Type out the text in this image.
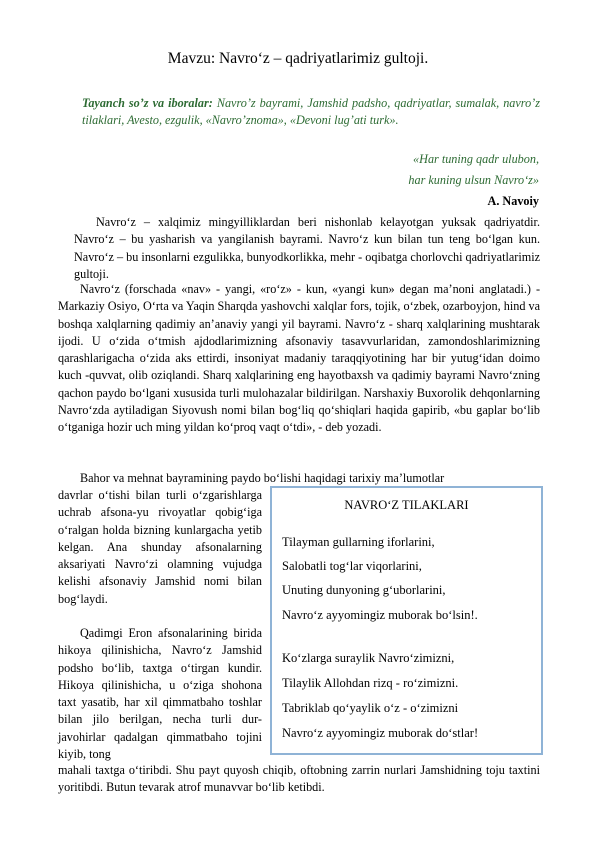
Mavzu: Navro‘z – qadriyatlarimiz gultoji.
Tayanch so’z va iboralar: Navro’z bayrami, Jamshid padsho, qadriyatlar, sumalak, navro’z tilaklari, Avesto, ezgulik, «Navro’znoma», «Devoni lug’ati turk».
«Har tuning qadr ulubon,
har kuning ulsun Navro‘z»
A. Navoiy

Navro‘z – xalqimiz mingyilliklardan beri nishonlab kelayotgan yuksak qadriyatdir. Navro‘z – bu yasharish va yangilanish bayrami. Navro‘z kun bilan tun teng bo‘lgan kun. Navro‘z – bu insonlarni ezgulikka, bunyodkorlikka, mehr - oqibatga chorlovchi qadriyatlarimiz gultoji.

Navro‘z (forschada «nav» - yangi, «ro‘z» - kun, «yangi kun» degan ma’noni anglatadi.) - Markaziy Osiyo, O‘rta va Yaqin Sharqda yashovchi xalqlar fors, tojik, o‘zbek, ozarboyjon, hind va boshqa xalqlarning qadimiy an’anaviy yangi yil bayrami. Navro‘z - sharq xalqlarining mushtarak ijodi. U o‘zida o‘tmish ajdodlarimizning afsonaviy tasavvurlaridan, zamondoshlarimizning qarashlarigacha o‘zida aks ettirdi, insoniyat madaniy taraqqiyotining har bir yutug‘idan doimo kuch -quvvat, olib oziqlandi. Sharq xalqlarining eng hayotbaxsh va qadimiy bayrami Navro‘zning qachon paydo bo‘lgani xususida turli mulohazalar bildirilgan. Narshaxiy Buxorolik dehqonlarning Navro‘zda aytiladigan Siyovush nomi bilan bog‘liq qo‘shiqlari haqida gapirib, «bu gaplar bo‘lib o‘tganiga hozir uch ming yildan ko‘proq vaqt o‘tdi», - deb yozadi.

Bahor va mehnat bayramining paydo bo‘lishi haqidagi tarixiy ma’lumotlar

davrlar o‘tishi bilan turli o‘zgarishlarga uchrab afsona-yu rivoyatlar qobig‘iga o‘ralgan holda bizning kunlargacha yetib kelgan. Ana shunday afsonalarning aksariyati Navro‘zi olamning vujudga kelishi afsonaviy Jamshid nomi bilan bog‘laydi.

Qadimgi Eron afsonalarining birida hikoya qilinishicha, Navro‘z Jamshid podsho bo‘lib, taxtga o‘tirgan kundir. Hikoya qilinishicha, u o‘ziga shohona taxt yasatib, har xil qimmatbaho toshlar bilan jilo berilgan, necha turli dur-javohirlar qadalgan qimmatbaho tojini kiyib, tong

NAVRO‘Z TILAKLARI
Tilayman gullarning iforlarini,
Salobatli tog‘lar viqorlarini,
Unuting dunyoning g‘uborlarini,
Navro‘z ayyomingiz muborak bo‘lsin!.
Ko‘zlarga suraylik Navro‘zimizni,
Tilaylik Allohdan rizq - ro‘zimizni.
Tabriklab qo‘yaylik o‘z - o‘zimizni
Navro‘z ayyomingiz muborak do‘stlar!

mahali taxtga o‘tiribdi. Shu payt quyosh chiqib, oftobning zarrin nurlari Jamshidning toju taxtini yoritibdi. Butun tevarak atrof munavvar bo‘lib ketibdi.
